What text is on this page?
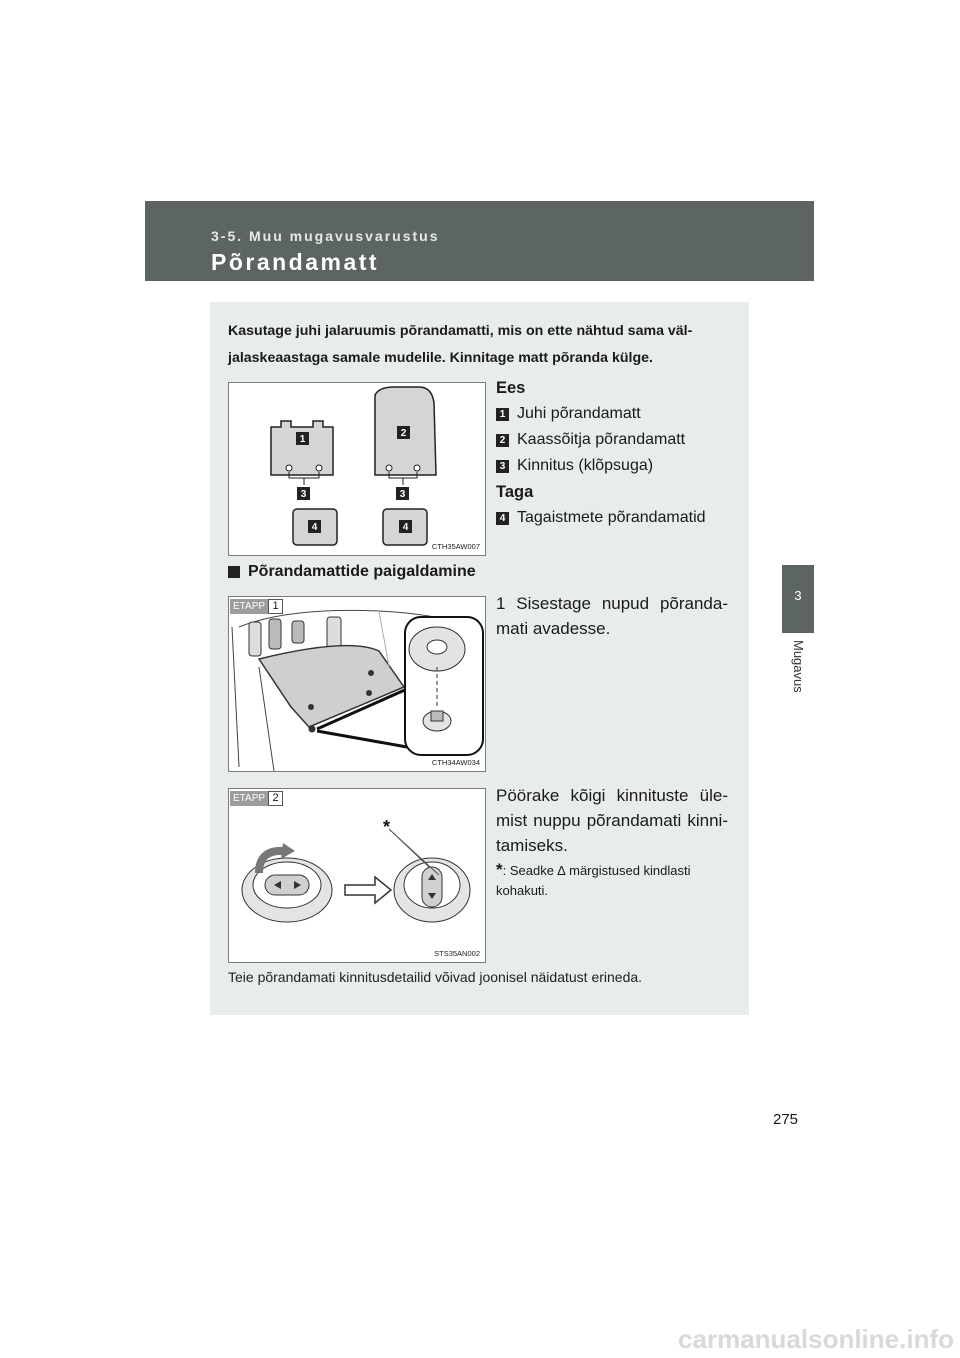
3-5. Muu mugavusvarustus
Põrandamatt
3
Mugavus
Kasutage juhi jalaruumis põrandamatti, mis on ette nähtud sama väl-jalaskeaastaga samale mudelile. Kinnitage matt põranda külge.
1
2
3	3
4	4
CTH35AW007
Ees
1 Juhi põrandamatt
2 Kaassõitja põrandamatt
3 Kinnitus (klõpsuga)
Taga
4 Tagaistmete põrandamatid
Põrandamattide paigaldamine
CTH34AW034
ETAPP 1	1 Sisestage nupud põranda-mati avadesse.
*
STS35AN002
ETAPP 2	Pöörake kõigi kinnituste üle-mist nuppu põrandamati kinni-tamiseks.
*: Seadke ∆ märgistused kindlasti kohakuti.
Teie põrandamati kinnitusdetailid võivad joonisel näidatust erineda.
275
carmanualsonline.info
